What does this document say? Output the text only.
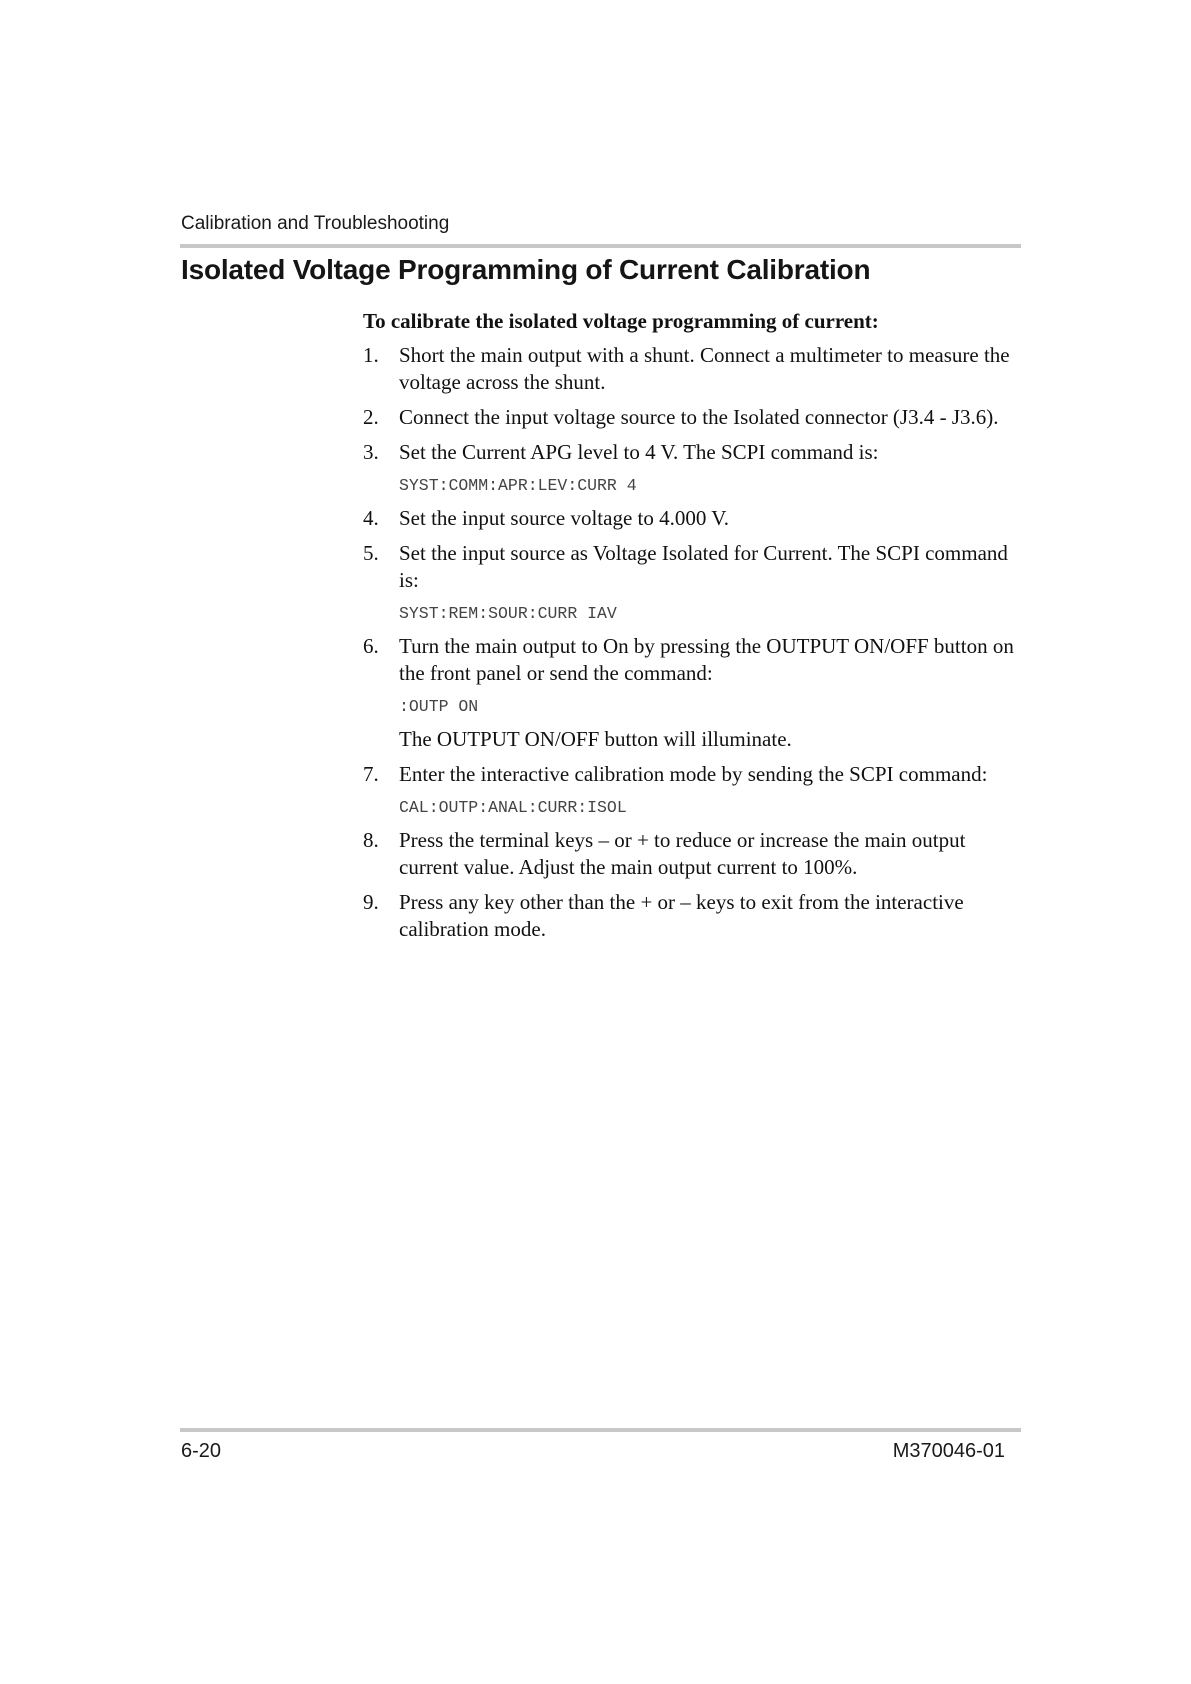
Calibration and Troubleshooting
Isolated Voltage Programming of Current Calibration
To calibrate the isolated voltage programming of current:
1. Short the main output with a shunt. Connect a multimeter to measure the voltage across the shunt.
2. Connect the input voltage source to the Isolated connector (J3.4 - J3.6).
3. Set the Current APG level to 4 V. The SCPI command is:
SYST:COMM:APR:LEV:CURR 4
4. Set the input source voltage to 4.000 V.
5. Set the input source as Voltage Isolated for Current. The SCPI command is:
SYST:REM:SOUR:CURR IAV
6. Turn the main output to On by pressing the OUTPUT ON/OFF button on the front panel or send the command:
:OUTP ON
The OUTPUT ON/OFF button will illuminate.
7. Enter the interactive calibration mode by sending the SCPI command:
CAL:OUTP:ANAL:CURR:ISOL
8. Press the terminal keys – or + to reduce or increase the main output current value. Adjust the main output current to 100%.
9. Press any key other than the + or – keys to exit from the interactive calibration mode.
6-20	M370046-01
